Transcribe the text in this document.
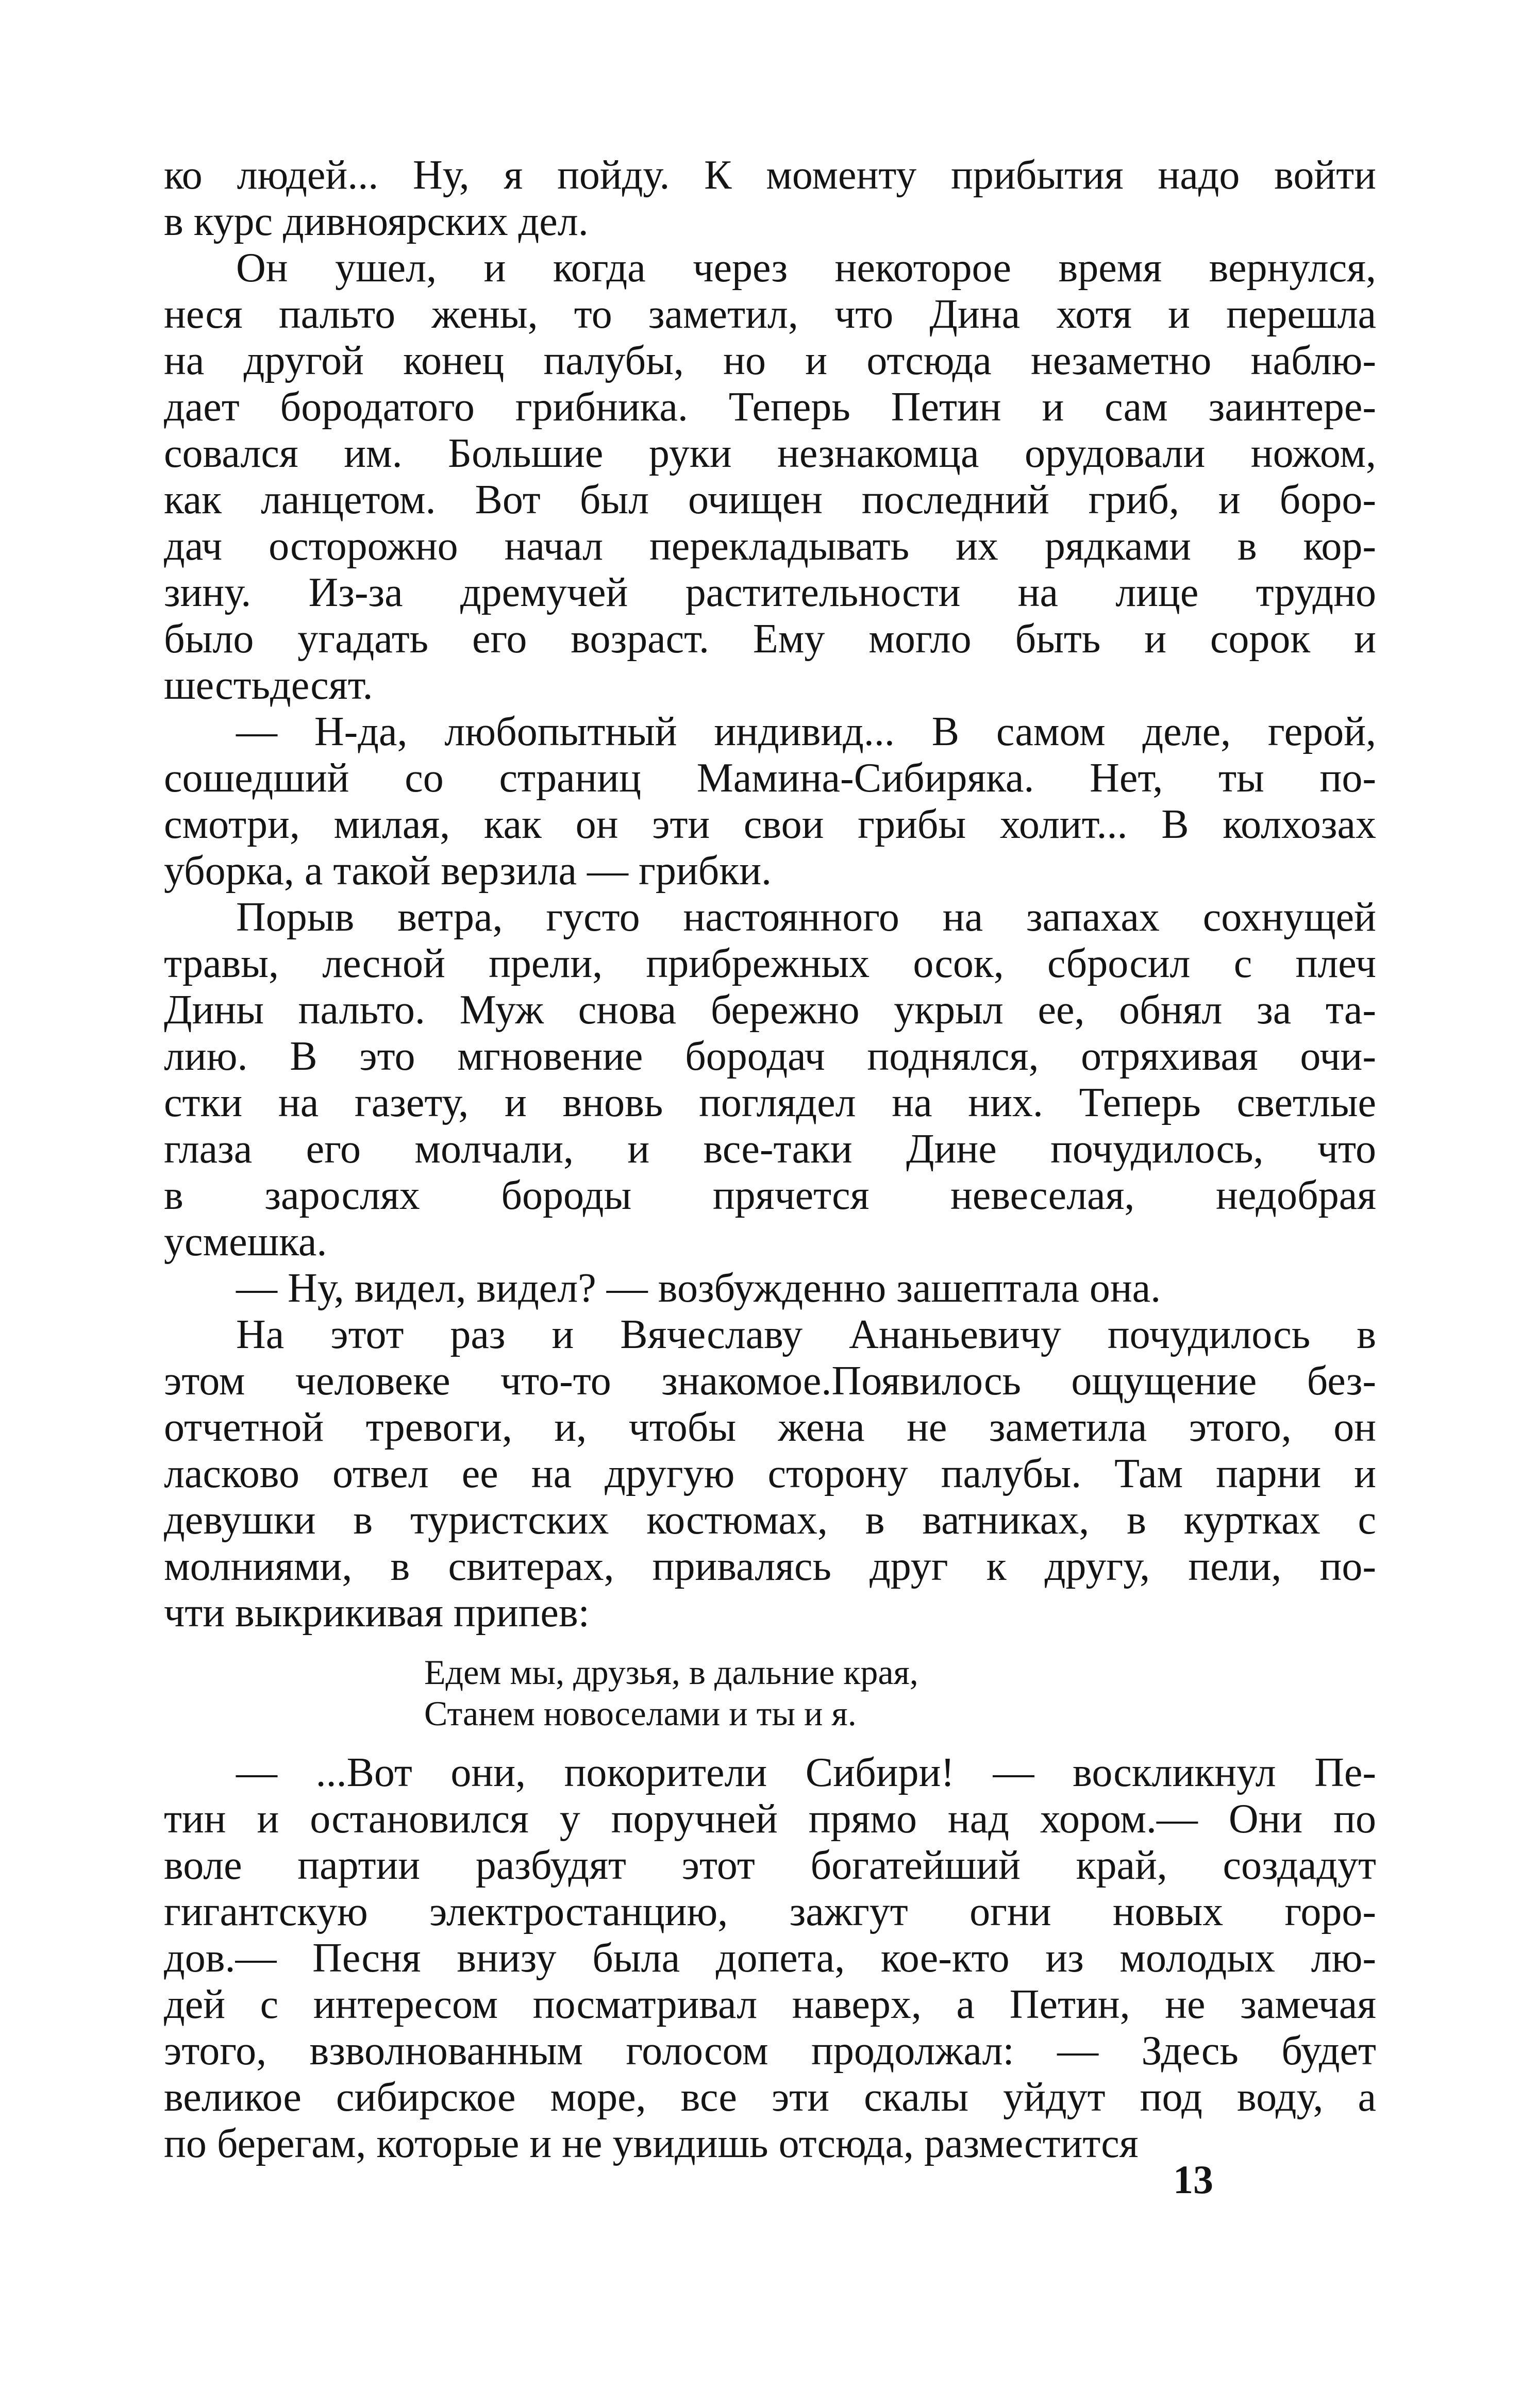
ко людей... Ну, я пойду. К моменту прибытия надо войти
в курс дивноярских дел.
Он ушел, и когда через некоторое время вернулся,
неся пальто жены, то заметил, что Дина хотя и перешла
на другой конец палубы, но и отсюда незаметно наблю-
дает бородатого грибника. Теперь Петин и сам заинтере-
совался им. Большие руки незнакомца орудовали ножом,
как ланцетом. Вот был очищен последний гриб, и боро-
дач осторожно начал перекладывать их рядками в кор-
зину. Из-за дремучей растительности на лице трудно
было угадать его возраст. Ему могло быть и сорок и
шестьдесят.
— Н-да, любопытный индивид... В самом деле, герой,
сошедший со страниц Мамина-Сибиряка. Нет, ты по-
смотри, милая, как он эти свои грибы холит... В колхозах
уборка, а такой верзила — грибки.
Порыв ветра, густо настоянного на запахах сохнущей
травы, лесной прели, прибрежных осок, сбросил с плеч
Дины пальто. Муж снова бережно укрыл ее, обнял за та-
лию. В это мгновение бородач поднялся, отряхивая очи-
стки на газету, и вновь поглядел на них. Теперь светлые
глаза его молчали, и все-таки Дине почудилось, что
в зарослях бороды прячется невеселая, недобрая
усмешка.
— Ну, видел, видел? — возбужденно зашептала она.
На этот раз и Вячеславу Ананьевичу почудилось в
этом человеке что-то знакомое.Появилось ощущение без-
отчетной тревоги, и, чтобы жена не заметила этого, он
ласково отвел ее на другую сторону палубы. Там парни и
девушки в туристских костюмах, в ватниках, в куртках с
молниями, в свитерах, привалясь друг к другу, пели, по-
чти выкрикивая припев:
Едем мы, друзья, в дальние края,
Станем новоселами и ты и я.
— ...Вот они, покорители Сибири! — воскликнул Пе-
тин и остановился у поручней прямо над хором.— Они по
воле партии разбудят этот богатейший край, создадут
гигантскую электростанцию, зажгут огни новых горо-
дов.— Песня внизу была допета, кое-кто из молодых лю-
дей с интересом посматривал наверх, а Петин, не замечая
этого, взволнованным голосом продолжал: — Здесь будет
великое сибирское море, все эти скалы уйдут под воду, а
по берегам, которые и не увидишь отсюда, разместится
13
